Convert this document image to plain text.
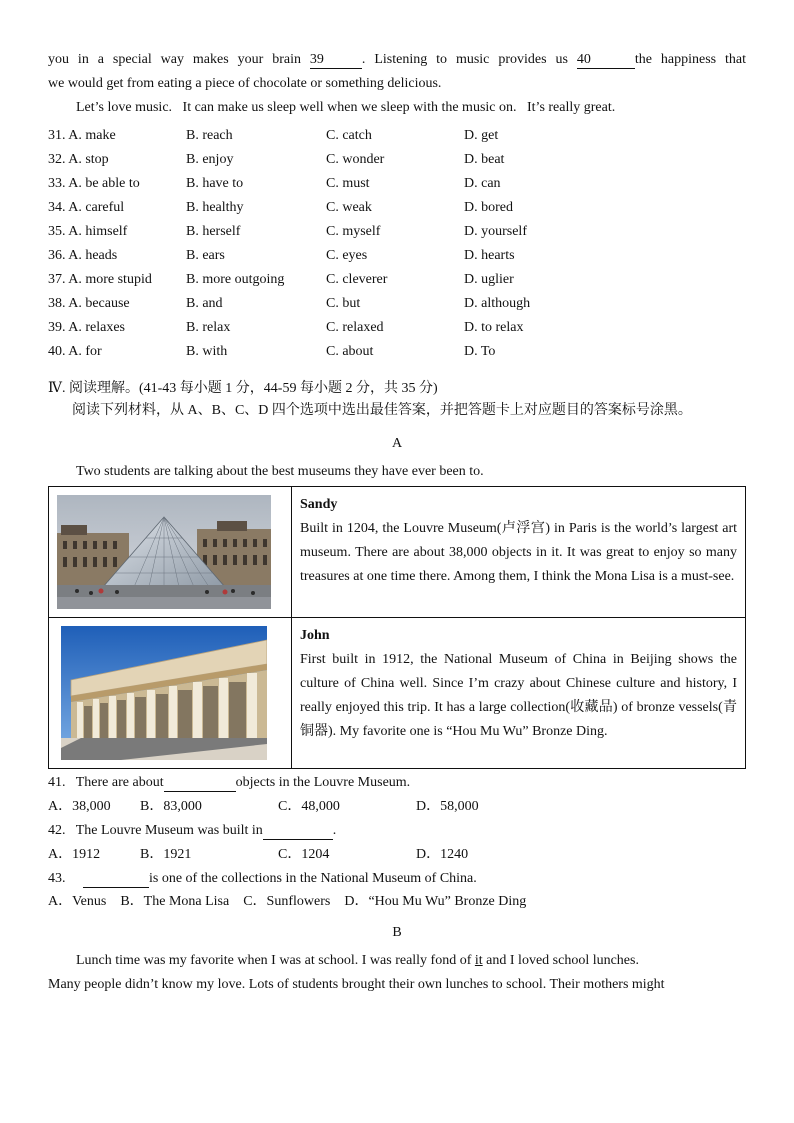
you in a special way makes your brain 39	. Listening to music provides us 40	the happiness that

we would get from eating a piece of chocolate or something delicious.

Let’s love music.   It can make us sleep well when we sleep with the music on.   It’s really great.

31. A. make	B. reach	C. catch	D. get
32. A. stop	B. enjoy	C. wonder	D. beat
33. A. be able to	B. have to	C. must	D. can
34. A. careful	B. healthy	C. weak	D. bored
35. A. himself	B. herself	C. myself	D. yourself
36. A. heads	B. ears	C. eyes	D. hearts
37. A. more stupid	B. more outgoing	C. cleverer	D. uglier
38. A. because	B. and	C. but	D. although
39. A. relaxes	B. relax	C. relaxed	D. to relax
40. A. for	B. with	C. about	D. To

Ⅳ. 阅读理解。(41-43 每小题 1 分，44-59 每小题 2 分，共 35 分)

阅读下列材料，从 A、B、C、D 四个选项中选出最佳答案，并把答题卡上对应题目的答案标号涂黑。

A

Two students are talking about the best museums they have ever been to.

Sandy
Built in 1204, the Louvre Museum(卢浮宫) in Paris is the world’s largest art museum. There are about 38,000 objects in it. It was great to enjoy so many treasures at one time there. Among them, I think the Mona Lisa is a must-see.

John
First built in 1912, the National Museum of China in Beijing shows the culture of China well. Since I’m crazy about Chinese culture and history, I really enjoyed this trip. It has a large collection(收藏品) of bronze vessels(青铜器). My favorite one is “Hou Mu Wu” Bronze Ding.

41.   There are about	objects in the Louvre Museum.

A．38,000	B．83,000	C．48,000	D．58,000

42.   The Louvre Museum was built in	.

A．1912	B．1921	C．1204	D．1240

43.	is one of the collections in the National Museum of China.

A．Venus B．The Mona Lisa C．Sunflowers D．“Hou Mu Wu” Bronze Ding

B

Lunch time was my favorite when I was at school. I was really fond of it and I loved school lunches.

Many people didn’t know my love. Lots of students brought their own lunches to school. Their mothers might
